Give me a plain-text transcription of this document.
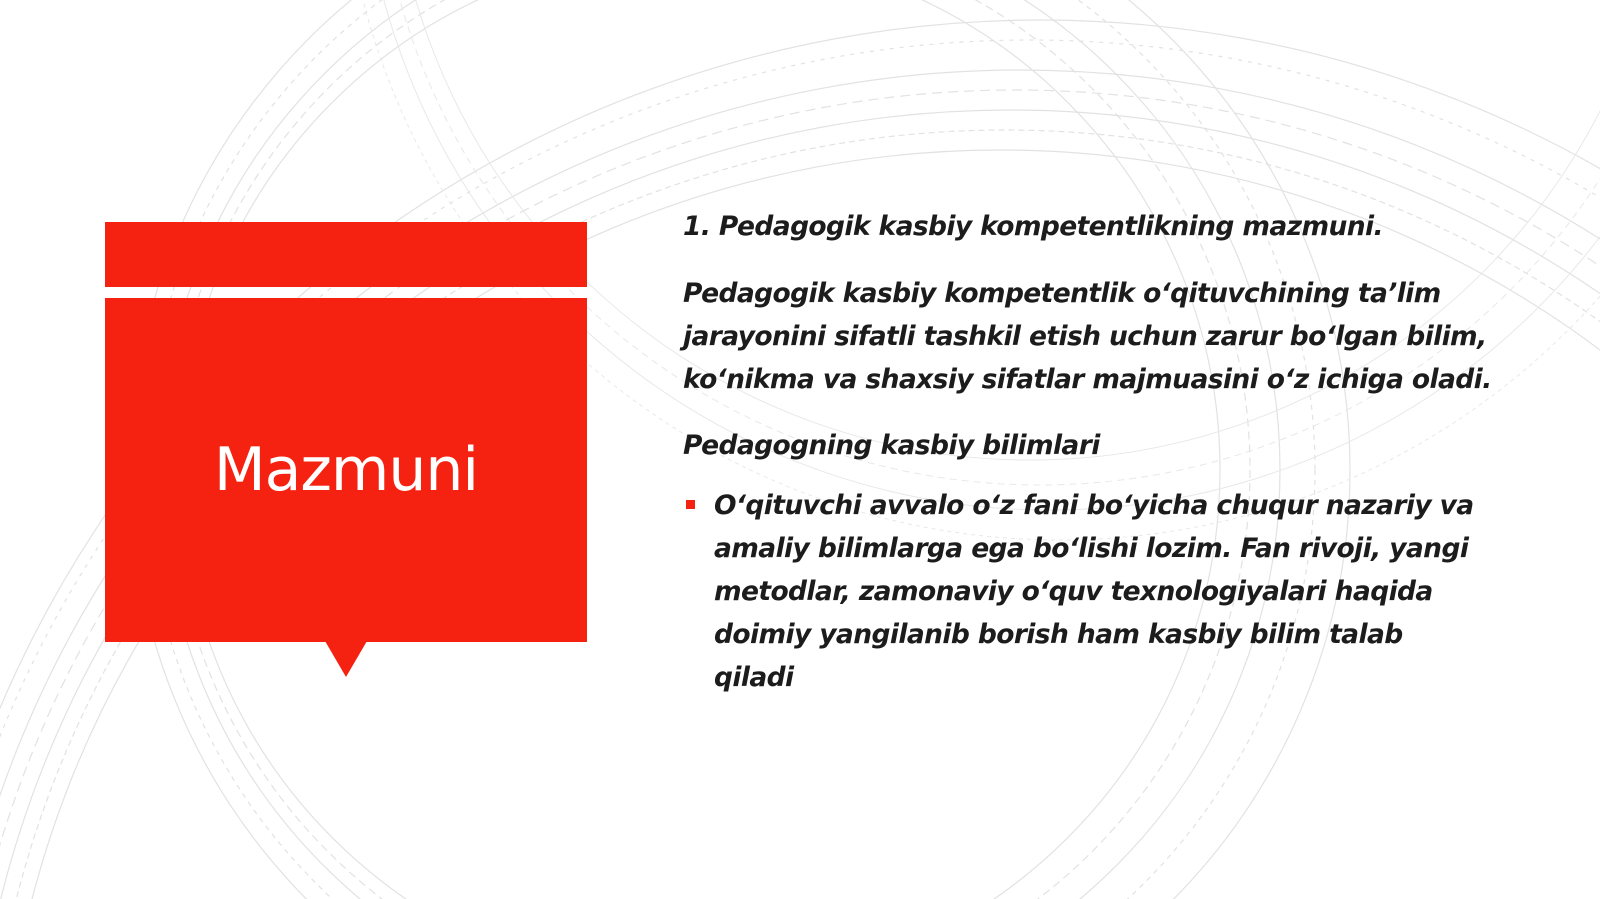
Mazmuni

1. Pedagogik kasbiy kompetentlikning mazmuni.

Pedagogik kasbiy kompetentlik o‘qituvchining ta’lim
jarayonini sifatli tashkil etish uchun zarur bo‘lgan bilim,
ko‘nikma va shaxsiy sifatlar majmuasini o‘z ichiga oladi.

Pedagogning kasbiy bilimlari

O‘qituvchi avvalo o‘z fani bo‘yicha chuqur nazariy va
amaliy bilimlarga ega bo‘lishi lozim. Fan rivoji, yangi
metodlar, zamonaviy o‘quv texnologiyalari haqida
doimiy yangilanib borish ham kasbiy bilim talab
qiladi
